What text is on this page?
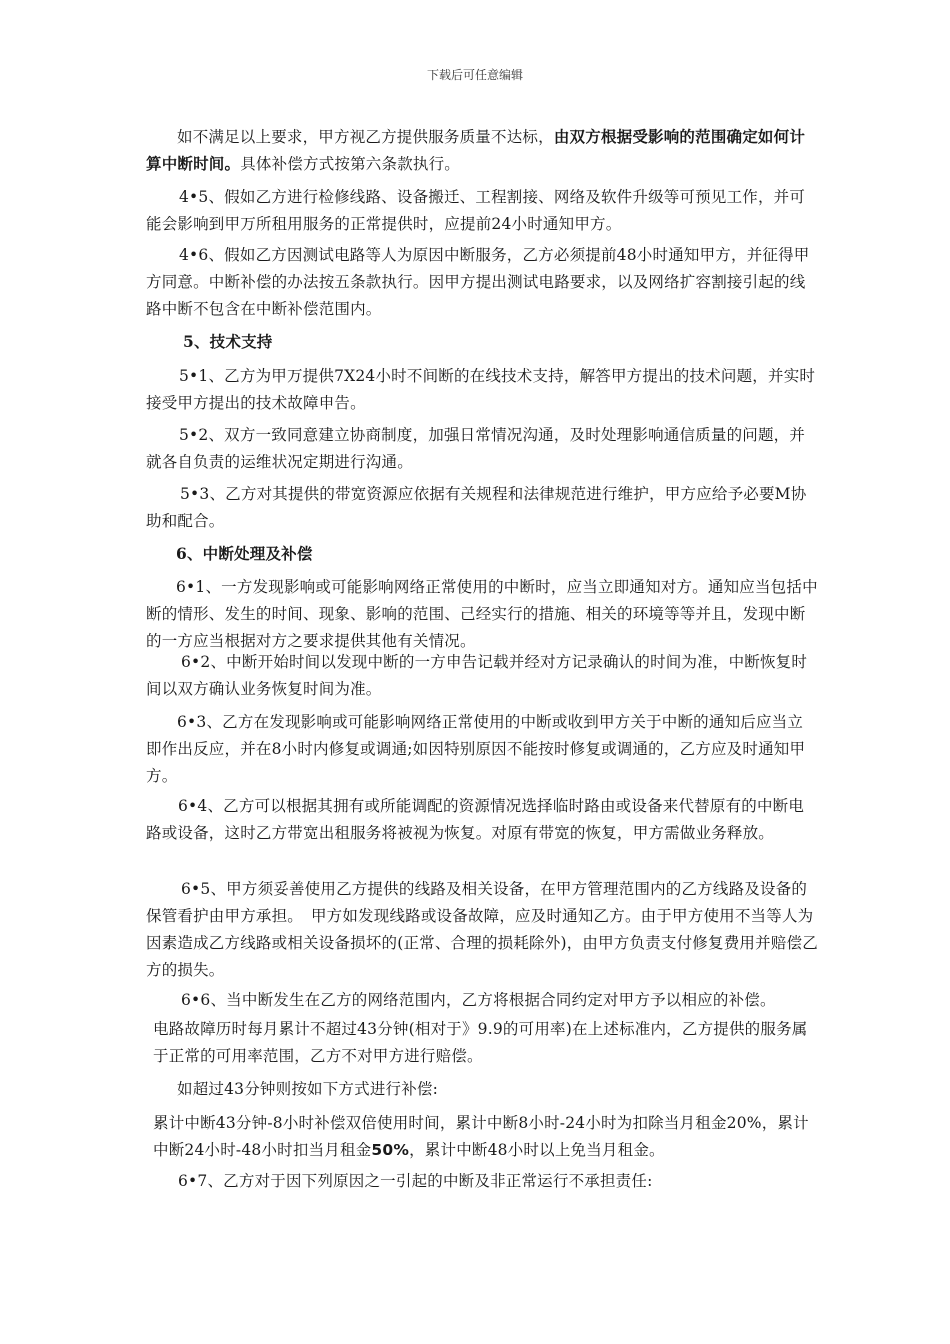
下载后可任意编辑
如不满足以上要求，甲方视乙方提供服务质量不达标，由双方根据受影响的范围确定如何计算中断时间。具体补偿方式按第六条款执行。
4•5、假如乙方进行检修线路、设备搬迁、工程割接、网络及软件升级等可预见工作，并可能会影响到甲万所租用服务的正常提供时，应提前24小时通知甲方。
4•6、假如乙方因测试电路等人为原因中断服务，乙方必须提前48小时通知甲方，并征得甲方同意。中断补偿的办法按五条款执行。因甲方提出测试电路要求，以及网络扩容割接引起的线路中断不包含在中断补偿范围内。
5、技术支持
5•1、乙方为甲万提供7X24小时不间断的在线技术支持，解答甲方提出的技术问题，并实时接受甲方提出的技术故障申告。
5•2、双方一致同意建立协商制度，加强日常情况沟通，及时处理影响通信质量的问题，并就各自负责的运维状况定期进行沟通。
5•3、乙方对其提供的带宽资源应依据有关规程和法律规范进行维护，甲方应给予必要M协助和配合。
6、中断处理及补偿
6•1、一方发现影响或可能影响网络正常使用的中断时，应当立即通知对方。通知应当包括中断的情形、发生的时间、现象、影响的范围、己经实行的措施、相关的环境等等并且，发现中断的一方应当根据对方之要求提供其他有关情况。
6•2、中断开始时间以发现中断的一方申告记载并经对方记录确认的时间为准，中断恢复时间以双方确认业务恢复时间为准。
6•3、乙方在发现影响或可能影响网络正常使用的中断或收到甲方关于中断的通知后应当立即作出反应，并在8小时内修复或调通;如因特别原因不能按时修复或调通的，乙方应及时通知甲方。
6•4、乙方可以根据其拥有或所能调配的资源情况选择临时路由或设备来代替原有的中断电路或设备，这时乙方带宽出租服务将被视为恢复。对原有带宽的恢复，甲方需做业务释放。
6•5、甲方须妥善使用乙方提供的线路及相关设备，在甲方管理范围内的乙方线路及设备的保管看护由甲方承担。　甲方如发现线路或设备故障，应及时通知乙方。由于甲方使用不当等人为因素造成乙方线路或相关设备损坏的(正常、合理的损耗除外)，由甲方负责支付修复费用并赔偿乙方的损失。
6•6、当中断发生在乙方的网络范围内，乙方将根据合同约定对甲方予以相应的补偿。
电路故障历时每月累计不超过43分钟(相对于》9.9的可用率)在上述标准内，乙方提供的服务属于正常的可用率范围，乙方不对甲方进行赔偿。
如超过43分钟则按如下方式进行补偿:
累计中断43分钟-8小时补偿双倍使用时间，累计中断8小时-24小时为扣除当月租金20%，累计中断24小时-48小时扣当月租金50%，累计中断48小时以上免当月租金。
6•7、乙方对于因下列原因之一引起的中断及非正常运行不承担责任:
